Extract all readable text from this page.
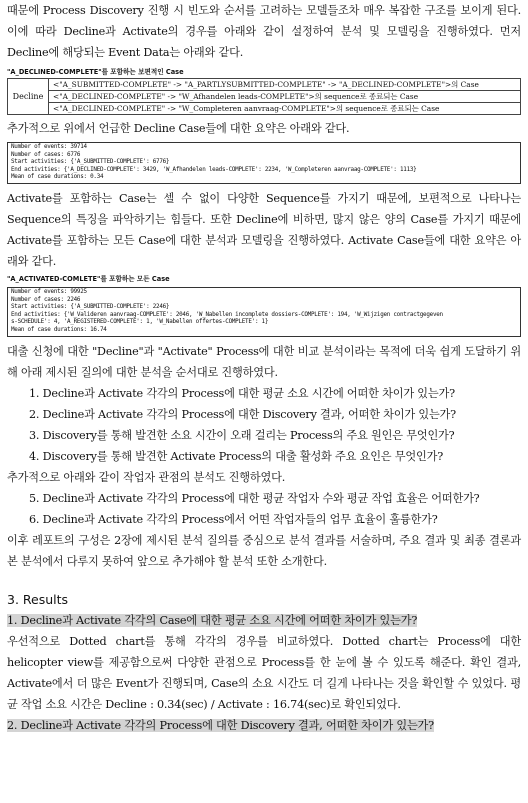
때문에 Process Discovery 진행 시 빈도와 순서를 고려하는 모델들조차 매우 복잡한 구조를 보이게 된다. 이에 따라 Decline과 Activate의 경우를 아래와 같이 설정하여 분석 및 모델링을 진행하였다. 먼저 Decline에 해당되는 Event Data는 아래와 같다.

"A_DECLINED-COMPLETE"를 포함하는 보편적인 Case

Decline	<"A_SUBMITTED-COMPLETE" -> "A_PARTLYSUBMITTED-COMPLETE" -> "A_DECLINED-COMPLETE">의 Case
<"A_DECLINED-COMPLETE" -> "W_Afhandelen leads-COMPLETE">의 sequence로 종료되는 Case
<"A_DECLINED-COMPLETE" -> "W_Completeren aanvraag-COMPLETE">의 sequence로 종료되는 Case

추가적으로 위에서 언급한 Decline Case들에 대한 요약은 아래와 같다.

Number of events: 39714
Number of cases: 6776
Start activities: {'A_SUBMITTED-COMPLETE': 6776}
End activities: {'A_DECLINED-COMPLETE': 3429, 'W_Afhandelen leads-COMPLETE': 2234, 'W_Completeren aanvraag-COMPLETE': 1113}
Mean of case durations: 0.34

Activate를 포함하는 Case는 셀 수 없이 다양한 Sequence를 가지기 때문에, 보편적으로 나타나는 Sequence의 특징을 파악하기는 힘들다. 또한 Decline에 비하면, 많지 않은 양의 Case를 가지기 때문에 Activate를 포함하는 모든 Case에 대한 분석과 모델링을 진행하였다. Activate Case들에 대한 요약은 아래와 같다.

"A_ACTIVATED-COMLETE"를 포함하는 모든 Case

Number of events: 99925
Number of cases: 2246
Start activities: {'A_SUBMITTED-COMPLETE': 2246}
End activities: {'W_Valideren aanvraag-COMPLETE': 2046, 'W_Nabellen incomplete dossiers-COMPLETE': 194, 'W_Wijzigen contractgegeven
s-SCHEDULE': 4, 'A_REGISTERED-COMPLETE': 1, 'W_Nabellen offertes-COMPLETE': 1}
Mean of case durations: 16.74

대출 신청에 대한 "Decline"과 "Activate" Process에 대한 비교 분석이라는 목적에 더욱 쉽게 도달하기 위해 아래 제시된 질의에 대한 분석을 순서대로 진행하였다.

1. Decline과 Activate 각각의 Process에 대한 평균 소요 시간에 어떠한 차이가 있는가?
2. Decline과 Activate 각각의 Process에 대한 Discovery 결과, 어떠한 차이가 있는가?
3. Discovery를 통해 발견한 소요 시간이 오래 걸리는 Process의 주요 원인은 무엇인가?
4. Discovery를 통해 발견한 Activate Process의 대출 활성화 주요 요인은 무엇인가?

추가적으로 아래와 같이 작업자 관점의 분석도 진행하였다.

5. Decline과 Activate 각각의 Process에 대한 평균 작업자 수와 평균 작업 효율은 어떠한가?
6. Decline과 Activate 각각의 Process에서 어떤 작업자들의 업무 효율이 훌륭한가?

이후 레포트의 구성은 2장에 제시된 분석 질의를 중심으로 분석 결과를 서술하며, 주요 결과 및 최종 결론과 본 분석에서 다루지 못하여 앞으로 추가해야 할 분석 또한 소개한다.

3. Results

1. Decline과 Activate 각각의 Case에 대한 평균 소요 시간에 어떠한 차이가 있는가?

우선적으로 Dotted chart를 통해 각각의 경우를 비교하였다. Dotted chart는 Process에 대한 helicopter view를 제공함으로써 다양한 관점으로 Process를 한 눈에 볼 수 있도록 해준다. 확인 결과, Activate에서 더 많은 Event가 진행되며, Case의 소요 시간도 더 길게 나타나는 것을 확인할 수 있었다. 평균 작업 소요 시간은 Decline : 0.34(sec) / Activate : 16.74(sec)로 확인되었다.

2. Decline과 Activate 각각의 Process에 대한 Discovery 결과, 어떠한 차이가 있는가?
